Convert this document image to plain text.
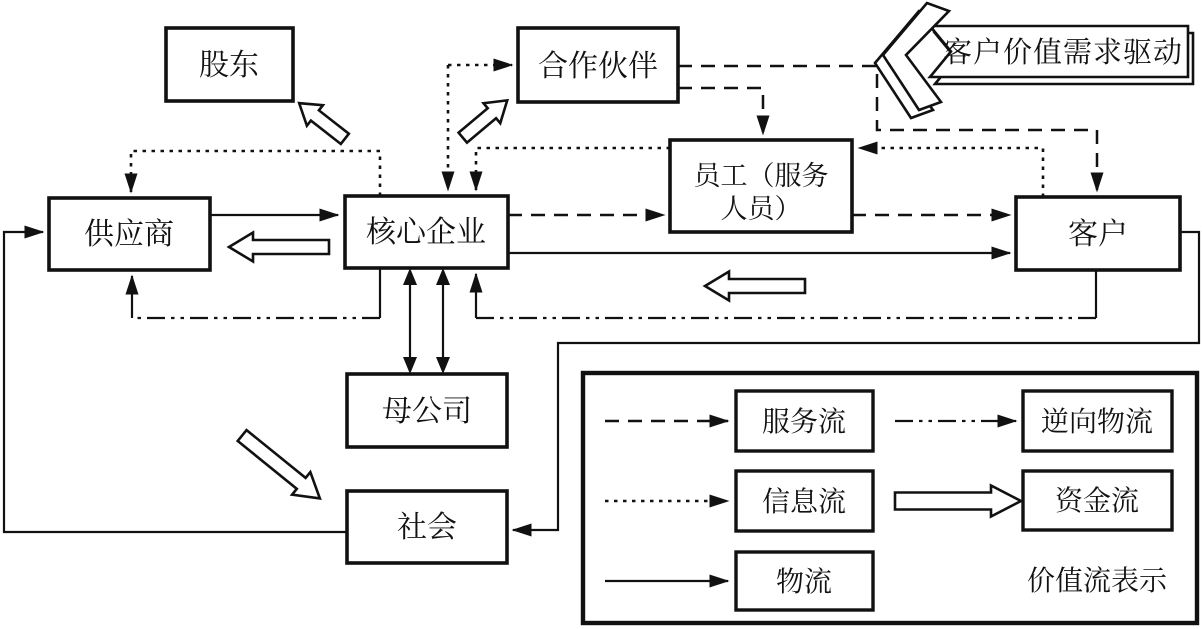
客户价值需求驱动
股东	合作伙伴
供应商	核心企业
员工（服务
人员）
客户
母公司
社会
服务流	逆向物流
信息流	资金流
物流	价值流表示
